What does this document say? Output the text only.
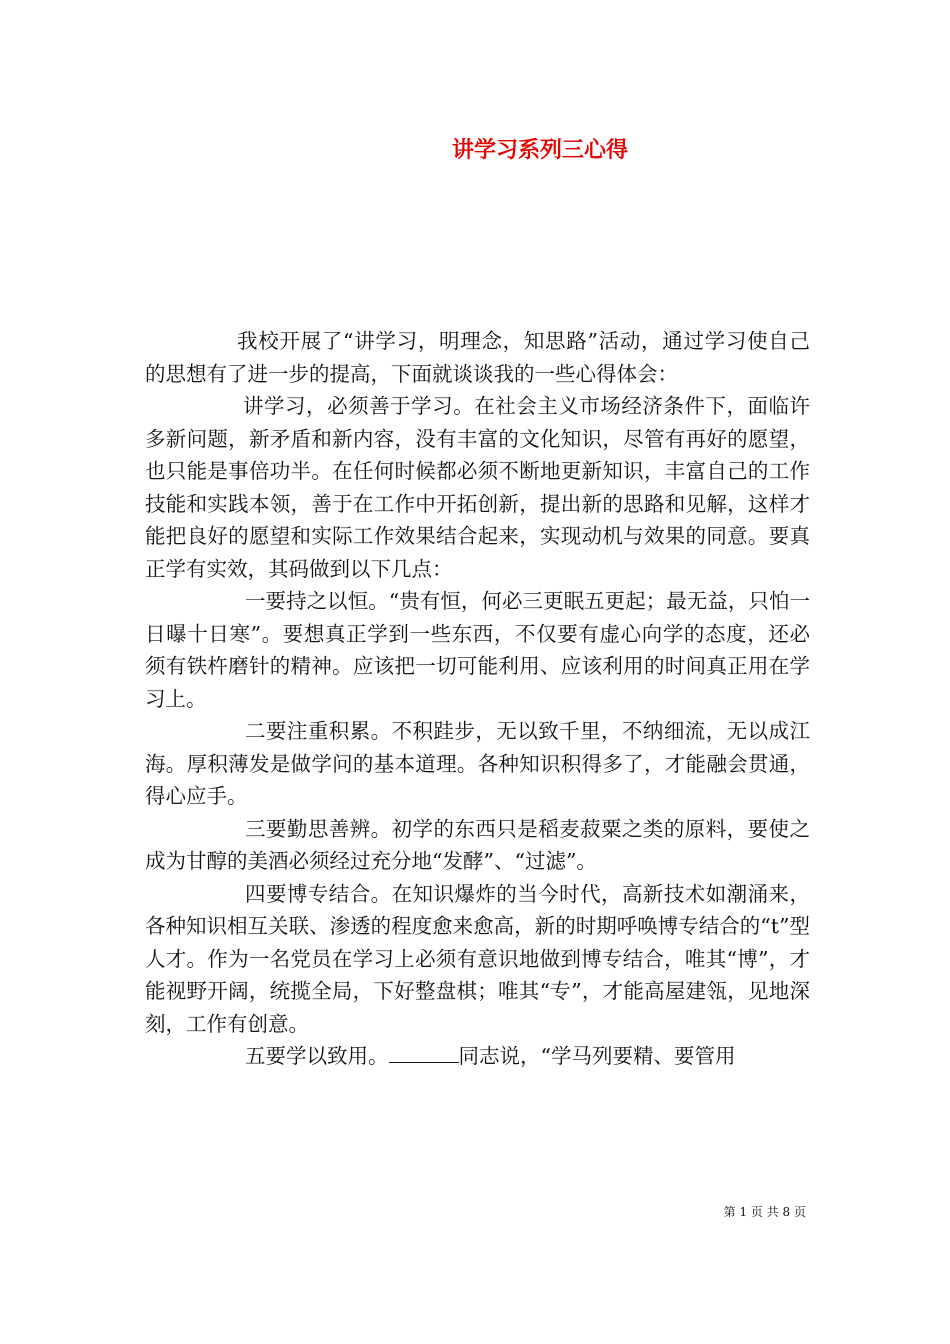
讲学习系列三心得

我校开展了“讲学习，明理念，知思路”活动，通过学习使自己的思想有了进一步的提高，下面就谈谈我的一些心得体会：

讲学习，必须善于学习。在社会主义市场经济条件下，面临许多新问题，新矛盾和新内容，没有丰富的文化知识，尽管有再好的愿望，也只能是事倍功半。在任何时候都必须不断地更新知识，丰富自己的工作技能和实践本领，善于在工作中开拓创新，提出新的思路和见解，这样才能把良好的愿望和实际工作效果结合起来，实现动机与效果的同意。要真正学有实效，其码做到以下几点：

一要持之以恒。“贵有恒，何必三更眠五更起；最无益，只怕一日曝十日寒”。要想真正学到一些东西，不仅要有虚心向学的态度，还必须有铁杵磨针的精神。应该把一切可能利用、应该利用的时间真正用在学习上。

二要注重积累。不积跬步，无以致千里，不纳细流，无以成江海。厚积薄发是做学问的基本道理。各种知识积得多了，才能融会贯通，得心应手。

三要勤思善辨。初学的东西只是稻麦菽粟之类的原料，要使之成为甘醇的美酒必须经过充分地“发酵”、“过滤”。

四要博专结合。在知识爆炸的当今时代，高新技术如潮涌来，各种知识相互关联、渗透的程度愈来愈高，新的时期呼唤博专结合的“t”型人才。作为一名党员在学习上必须有意识地做到博专结合，唯其“博”，才能视野开阔，统揽全局，下好整盘棋；唯其“专”，才能高屋建瓴，见地深刻，工作有创意。

五要学以致用。	同志说，“学马列要精、要管用

第 1 页 共 8 页
